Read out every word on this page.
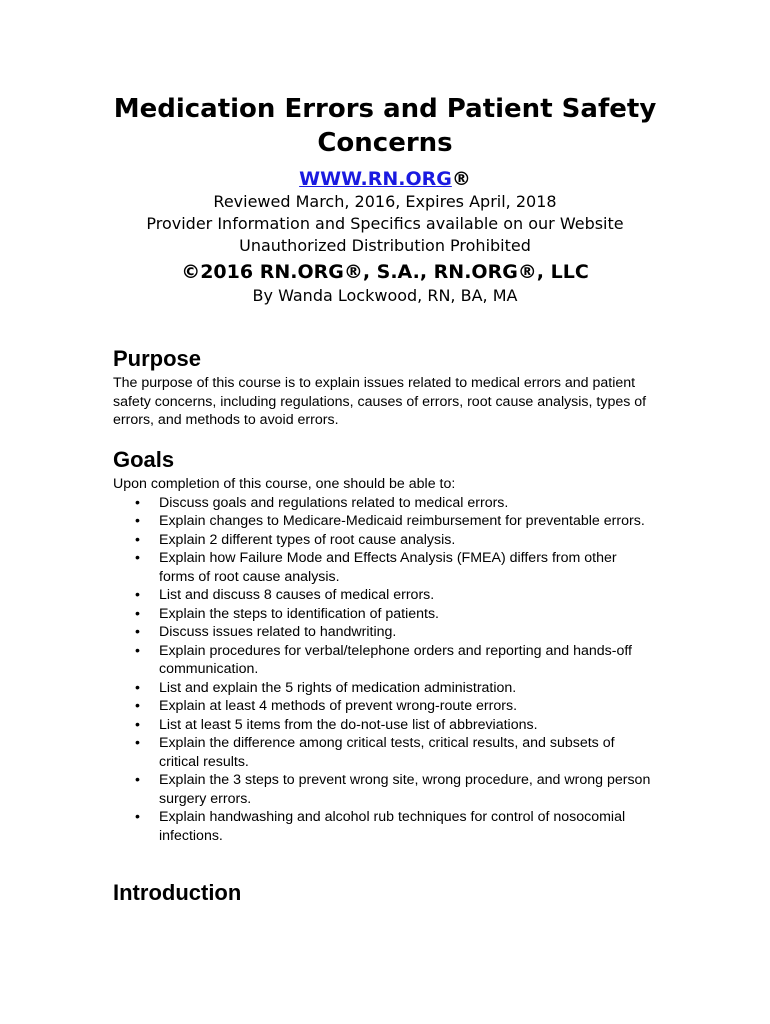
Medication Errors and Patient Safety Concerns
WWW.RN.ORG®
Reviewed March, 2016, Expires April, 2018
Provider Information and Specifics available on our Website
Unauthorized Distribution Prohibited
©2016 RN.ORG®, S.A., RN.ORG®, LLC
By Wanda Lockwood, RN, BA, MA
Purpose

The purpose of this course is to explain issues related to medical errors and patient safety concerns, including regulations, causes of errors, root cause analysis, types of errors, and methods to avoid errors.

Goals

Upon completion of this course, one should be able to:

• Discuss goals and regulations related to medical errors.
• Explain changes to Medicare-Medicaid reimbursement for preventable errors.
• Explain 2 different types of root cause analysis.
• Explain how Failure Mode and Effects Analysis (FMEA) differs from other forms of root cause analysis.
• List and discuss 8 causes of medical errors.
• Explain the steps to identification of patients.
• Discuss issues related to handwriting.
• Explain procedures for verbal/telephone orders and reporting and hands-off communication.
• List and explain the 5 rights of medication administration.
• Explain at least 4 methods of prevent wrong-route errors.
• List at least 5 items from the do-not-use list of abbreviations.
• Explain the difference among critical tests, critical results, and subsets of critical results.
• Explain the 3 steps to prevent wrong site, wrong procedure, and wrong person surgery errors.
• Explain handwashing and alcohol rub techniques for control of nosocomial infections.
Introduction
